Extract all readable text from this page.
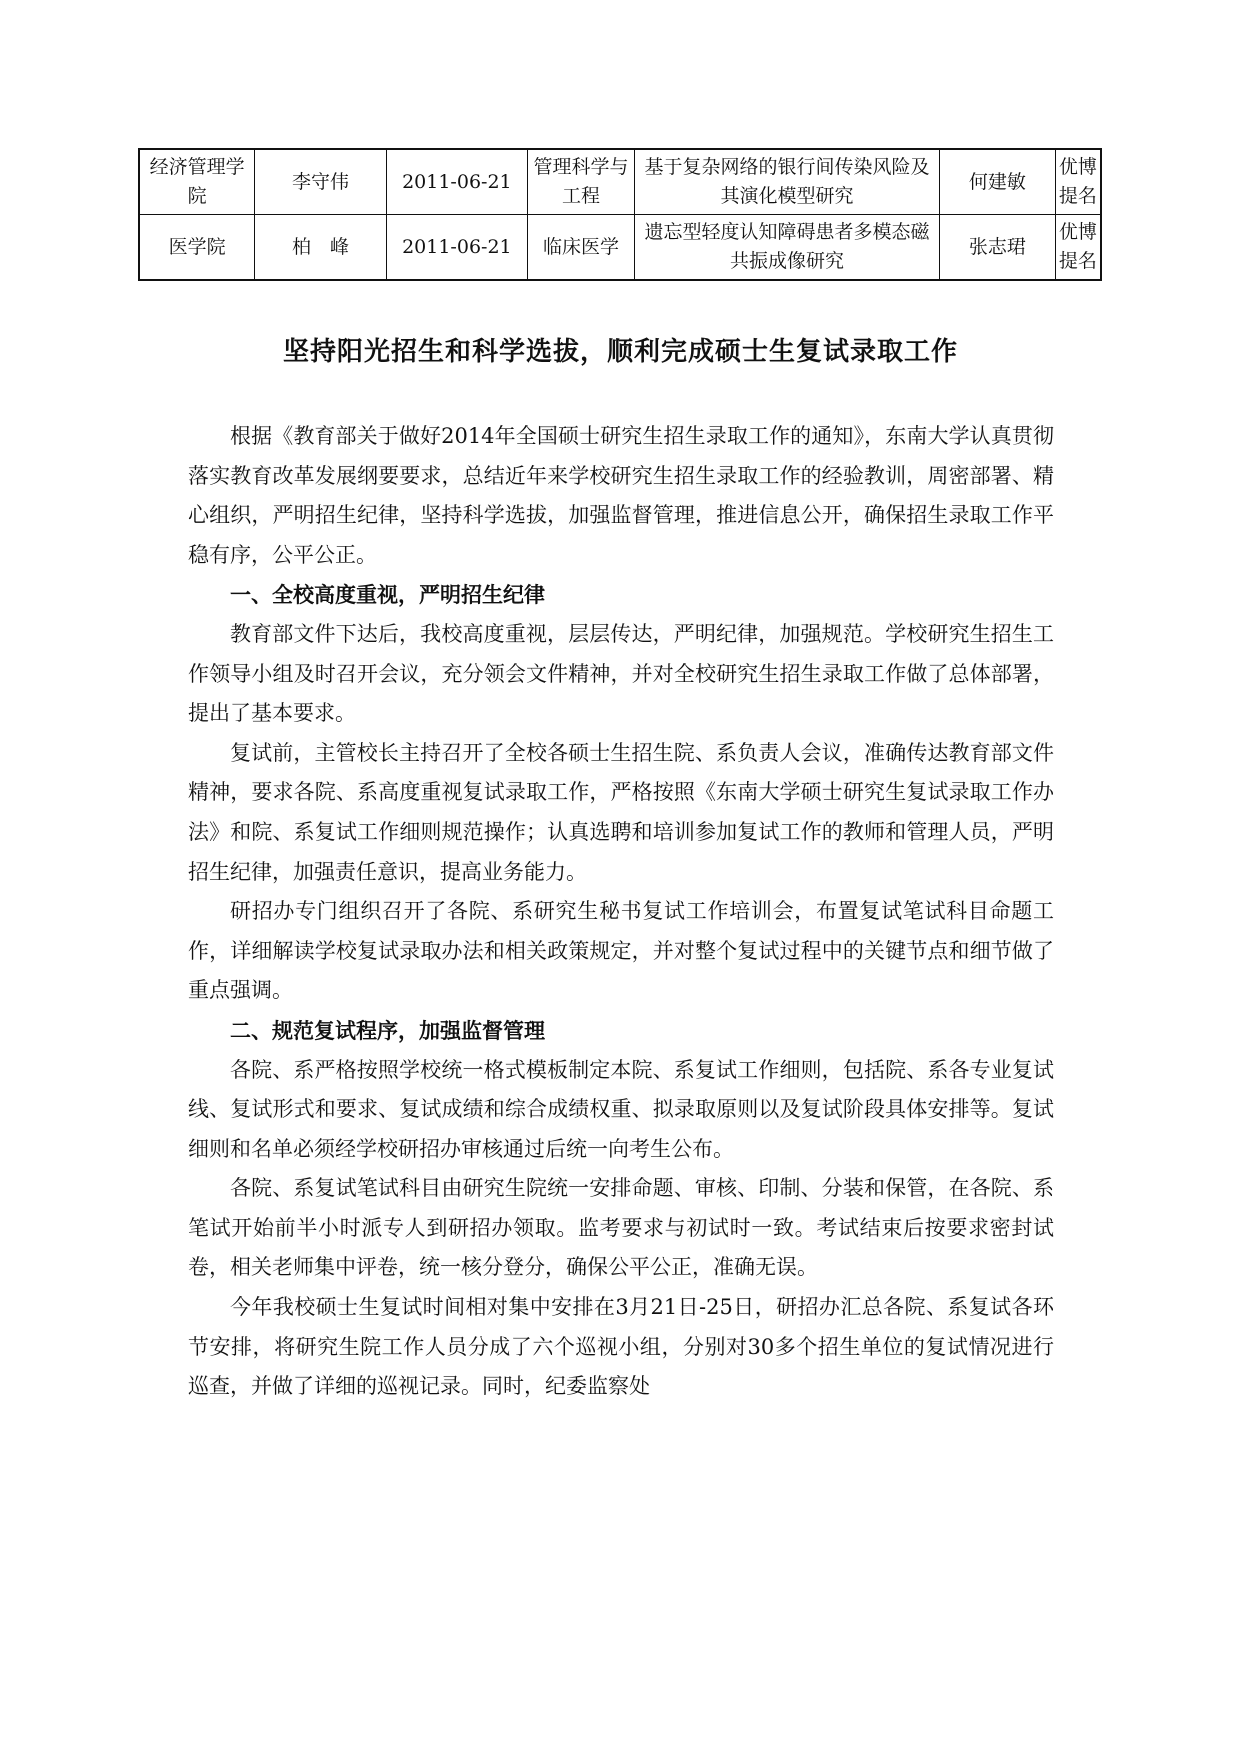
经济管理学院	李守伟	2011-06-21	管理科学与工程	基于复杂网络的银行间传染风险及其演化模型研究	何建敏	优博提名
医学院	柏　峰	2011-06-21	临床医学	遗忘型轻度认知障碍患者多模态磁共振成像研究	张志珺	优博提名
坚持阳光招生和科学选拔，顺利完成硕士生复试录取工作

根据《教育部关于做好2014年全国硕士研究生招生录取工作的通知》，东南大学认真贯彻落实教育改革发展纲要要求，总结近年来学校研究生招生录取工作的经验教训，周密部署、精心组织，严明招生纪律，坚持科学选拔，加强监督管理，推进信息公开，确保招生录取工作平稳有序，公平公正。

一、全校高度重视，严明招生纪律

教育部文件下达后，我校高度重视，层层传达，严明纪律，加强规范。学校研究生招生工作领导小组及时召开会议，充分领会文件精神，并对全校研究生招生录取工作做了总体部署，提出了基本要求。

复试前，主管校长主持召开了全校各硕士生招生院、系负责人会议，准确传达教育部文件精神，要求各院、系高度重视复试录取工作，严格按照《东南大学硕士研究生复试录取工作办法》和院、系复试工作细则规范操作；认真选聘和培训参加复试工作的教师和管理人员，严明招生纪律，加强责任意识，提高业务能力。

研招办专门组织召开了各院、系研究生秘书复试工作培训会，布置复试笔试科目命题工作，详细解读学校复试录取办法和相关政策规定，并对整个复试过程中的关键节点和细节做了重点强调。

二、规范复试程序，加强监督管理

各院、系严格按照学校统一格式模板制定本院、系复试工作细则，包括院、系各专业复试线、复试形式和要求、复试成绩和综合成绩权重、拟录取原则以及复试阶段具体安排等。复试细则和名单必须经学校研招办审核通过后统一向考生公布。

各院、系复试笔试科目由研究生院统一安排命题、审核、印制、分装和保管，在各院、系笔试开始前半小时派专人到研招办领取。监考要求与初试时一致。考试结束后按要求密封试卷，相关老师集中评卷，统一核分登分，确保公平公正，准确无误。

今年我校硕士生复试时间相对集中安排在3月21日-25日，研招办汇总各院、系复试各环节安排，将研究生院工作人员分成了六个巡视小组，分别对30多个招生单位的复试情况进行巡查，并做了详细的巡视记录。同时，纪委监察处
